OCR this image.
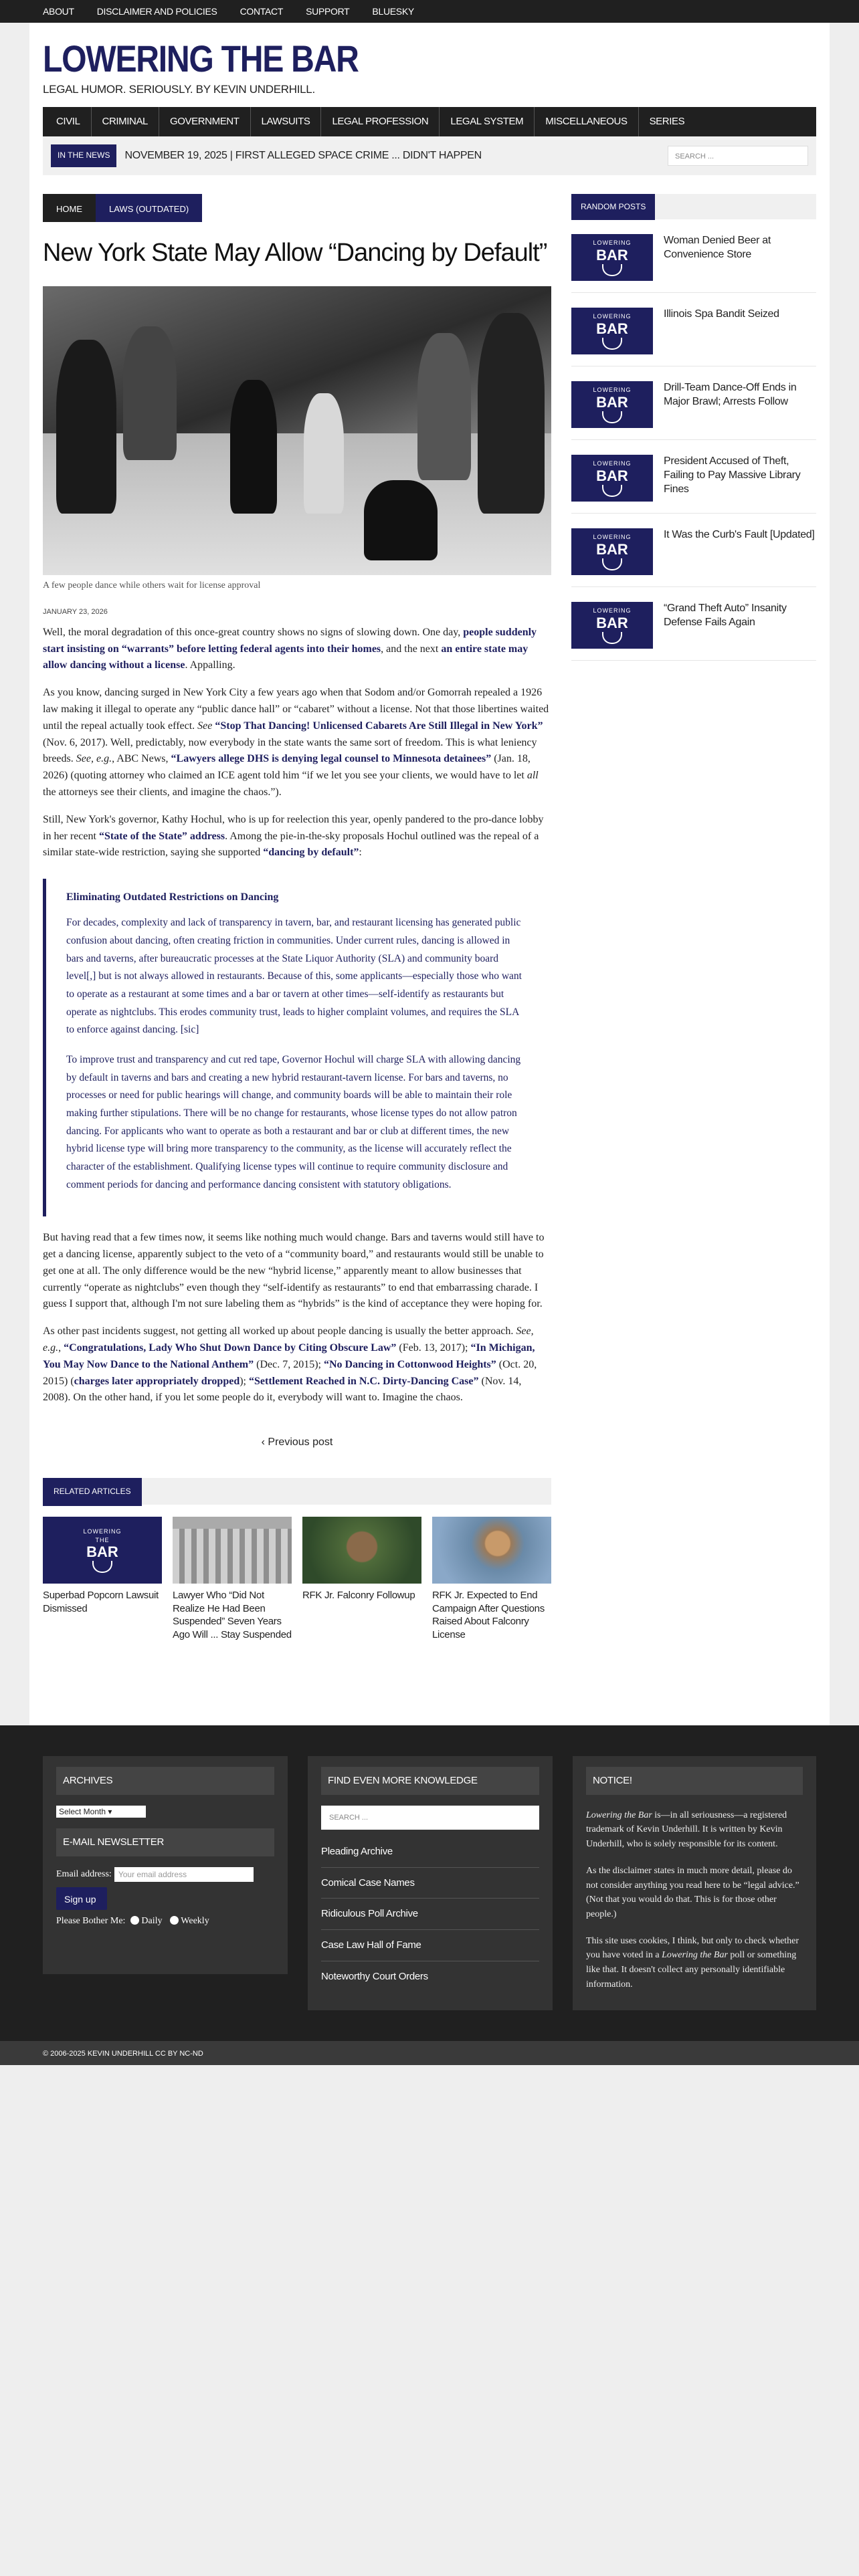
ABOUT DISCLAIMER AND POLICIES CONTACT SUPPORT BLUESKY
LOWERING THE BAR
LEGAL HUMOR. SERIOUSLY. BY KEVIN UNDERHILL.
CIVIL	CRIMINAL	GOVERNMENT	LAWSUITS	LEGAL PROFESSION	LEGAL SYSTEM	MISCELLANEOUS	SERIES
IN THE NEWS	NOVEMBER 19, 2025 | FIRST ALLEGED SPACE CRIME ... DIDN'T HAPPEN	SEARCH ...
HOME	LAWS (OUTDATED)
New York State May Allow “Dancing by Default”
A few people dance while others wait for license approval
JANUARY 23, 2026

Well, the moral degradation of this once-great country shows no signs of slowing down. One day, people suddenly start insisting on “warrants” before letting federal agents into their homes, and the next an entire state may allow dancing without a license. Appalling.

As you know, dancing surged in New York City a few years ago when that Sodom and/or Gomorrah repealed a 1926 law making it illegal to operate any “public dance hall” or “cabaret” without a license. Not that those libertines waited until the repeal actually took effect. See “Stop That Dancing! Unlicensed Cabarets Are Still Illegal in New York” (Nov. 6, 2017). Well, predictably, now everybody in the state wants the same sort of freedom. This is what leniency breeds. See, e.g., ABC News, “Lawyers allege DHS is denying legal counsel to Minnesota detainees” (Jan. 18, 2026) (quoting attorney who claimed an ICE agent told him “if we let you see your clients, we would have to let all the attorneys see their clients, and imagine the chaos.”).

Still, New York's governor, Kathy Hochul, who is up for reelection this year, openly pandered to the pro-dance lobby in her recent “State of the State” address. Among the pie-in-the-sky proposals Hochul outlined was the repeal of a similar state-wide restriction, saying she supported “dancing by default”:

Eliminating Outdated Restrictions on Dancing

For decades, complexity and lack of transparency in tavern, bar, and restaurant licensing has generated public confusion about dancing, often creating friction in communities. Under current rules, dancing is allowed in bars and taverns, after bureaucratic processes at the State Liquor Authority (SLA) and community board level[,] but is not always allowed in restaurants. Because of this, some applicants—especially those who want to operate as a restaurant at some times and a bar or tavern at other times—self-identify as restaurants but operate as nightclubs. This erodes community trust, leads to higher complaint volumes, and requires the SLA to enforce against dancing. [sic]

To improve trust and transparency and cut red tape, Governor Hochul will charge SLA with allowing dancing by default in taverns and bars and creating a new hybrid restaurant-tavern license. For bars and taverns, no processes or need for public hearings will change, and community boards will be able to maintain their role making further stipulations. There will be no change for restaurants, whose license types do not allow patron dancing. For applicants who want to operate as both a restaurant and bar or club at different times, the new hybrid license type will bring more transparency to the community, as the license will accurately reflect the character of the establishment. Qualifying license types will continue to require community disclosure and comment periods for dancing and performance dancing consistent with statutory obligations.

But having read that a few times now, it seems like nothing much would change. Bars and taverns would still have to get a dancing license, apparently subject to the veto of a “community board,” and restaurants would still be unable to get one at all. The only difference would be the new “hybrid license,” apparently meant to allow businesses that currently “operate as nightclubs” even though they “self-identify as restaurants” to end that embarrassing charade. I guess I support that, although I'm not sure labeling them as “hybrids” is the kind of acceptance they were hoping for.

As other past incidents suggest, not getting all worked up about people dancing is usually the better approach. See, e.g., “Congratulations, Lady Who Shut Down Dance by Citing Obscure Law” (Feb. 13, 2017); “In Michigan, You May Now Dance to the National Anthem” (Dec. 7, 2015); “No Dancing in Cottonwood Heights” (Oct. 20, 2015) (charges later appropriately dropped); “Settlement Reached in N.C. Dirty-Dancing Case” (Nov. 14, 2008). On the other hand, if you let some people do it, everybody will want to. Imagine the chaos.

‹ Previous post
RELATED ARTICLES
LOWERING
THE
BAR
Superbad Popcorn Lawsuit Dismissed
Lawyer Who “Did Not Realize He Had Been Suspended” Seven Years Ago Will ... Stay Suspended
RFK Jr. Falconry Followup	RFK Jr. Expected to End Campaign After Questions Raised About Falconry License
RANDOM POSTS
LOWERING
BAR
Woman Denied Beer at Convenience Store
LOWERING
BAR
Illinois Spa Bandit Seized
LOWERING
BAR
Drill-Team Dance-Off Ends in Major Brawl; Arrests Follow
LOWERING
BAR
President Accused of Theft, Failing to Pay Massive Library Fines
LOWERING
BAR
It Was the Curb's Fault [Updated]
LOWERING
BAR
“Grand Theft Auto” Insanity Defense Fails Again
ARCHIVES
Select Month ▾
E-MAIL NEWSLETTER
Email address: Your email address
Sign up
Please Bother Me: Daily Weekly
FIND EVEN MORE KNOWLEDGE
SEARCH ...
Pleading Archive
Comical Case Names
Ridiculous Poll Archive
Case Law Hall of Fame
Noteworthy Court Orders
NOTICE!

Lowering the Bar is—in all seriousness—a registered trademark of Kevin Underhill. It is written by Kevin Underhill, who is solely responsible for its content.

As the disclaimer states in much more detail, please do not consider anything you read here to be “legal advice.” (Not that you would do that. This is for those other people.)

This site uses cookies, I think, but only to check whether you have voted in a Lowering the Bar poll or something like that. It doesn't collect any personally identifiable information.

© 2006-2025 KEVIN UNDERHILL CC BY NC-ND
